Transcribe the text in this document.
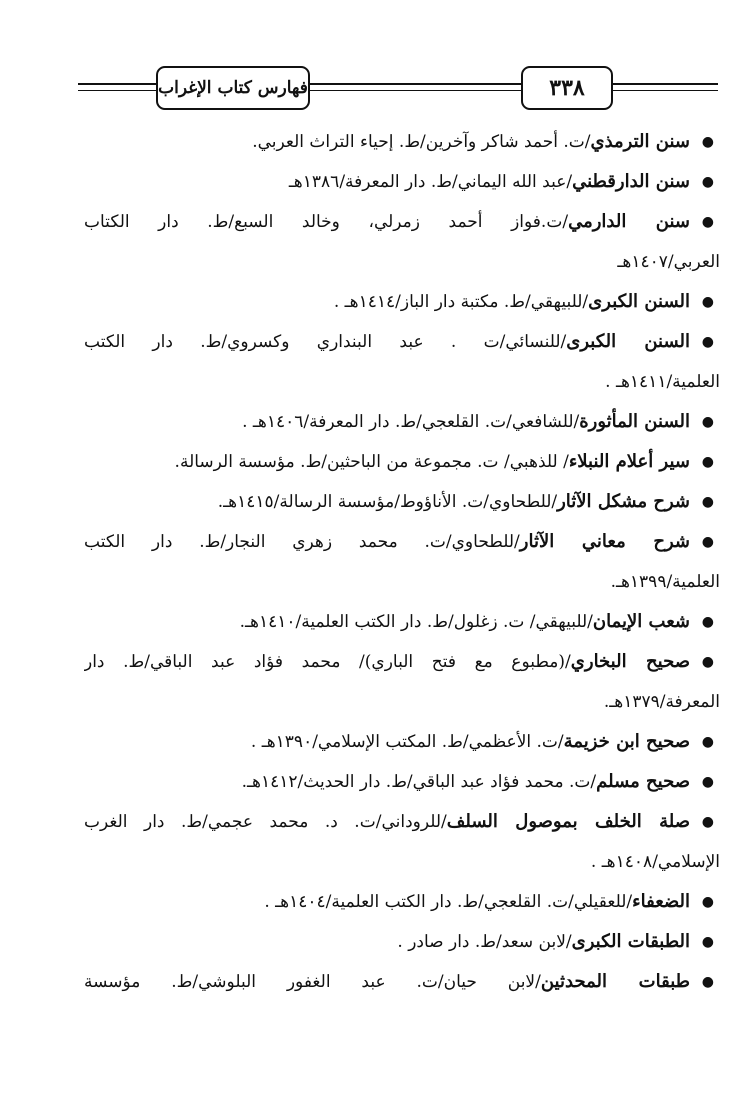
فهارس كتاب الإغراب	٣٣٨
●
سنن الترمذي/ت. أحمد شاكر وآخرين/ط. إحياء التراث العربي.
●
سنن الدارقطني/عبد الله اليماني/ط. دار المعرفة/١٣٨٦هـ
●
سنن الدارمي/ت.فواز أحمد زمرلي، وخالد السبع/ط. دار الكتاب
العربي/١٤٠٧هـ
●
السنن الكبرى/للبيهقي/ط. مكتبة دار الباز/١٤١٤هـ .
●
السنن الكبرى/للنسائي/ت . عبد البنداري وكسروي/ط. دار الكتب
العلمية/١٤١١هـ .
●
السنن المأثورة/للشافعي/ت. القلعجي/ط. دار المعرفة/١٤٠٦هـ .
●
سير أعلام النبلاء/ للذهبي/ ت. مجموعة من الباحثين/ط. مؤسسة الرسالة.
●
شرح مشكل الآثار/للطحاوي/ت. الأناؤوط/مؤسسة الرسالة/١٤١٥هـ.
●
شرح معاني الآثار/للطحاوي/ت. محمد زهري النجار/ط. دار الكتب
العلمية/١٣٩٩هـ.
●
شعب الإيمان/للبيهقي/ ت. زغلول/ط. دار الكتب العلمية/١٤١٠هـ.
●
صحيح البخاري/(مطبوع مع فتح الباري)/ محمد فؤاد عبد الباقي/ط. دار
المعرفة/١٣٧٩هـ.
●
صحيح ابن خزيمة/ت. الأعظمي/ط. المكتب الإسلامي/١٣٩٠هـ .
●
صحيح مسلم/ت. محمد فؤاد عبد الباقي/ط. دار الحديث/١٤١٢هـ.
●
صلة الخلف بموصول السلف/للروداني/ت. د. محمد عجمي/ط. دار الغرب
الإسلامي/١٤٠٨هـ .
●
الضعفاء/للعقيلي/ت. القلعجي/ط. دار الكتب العلمية/١٤٠٤هـ .
●
الطبقات الكبرى/لابن سعد/ط. دار صادر .
●
طبقات المحدثين/لابن حيان/ت. عبد الغفور البلوشي/ط. مؤسسة
